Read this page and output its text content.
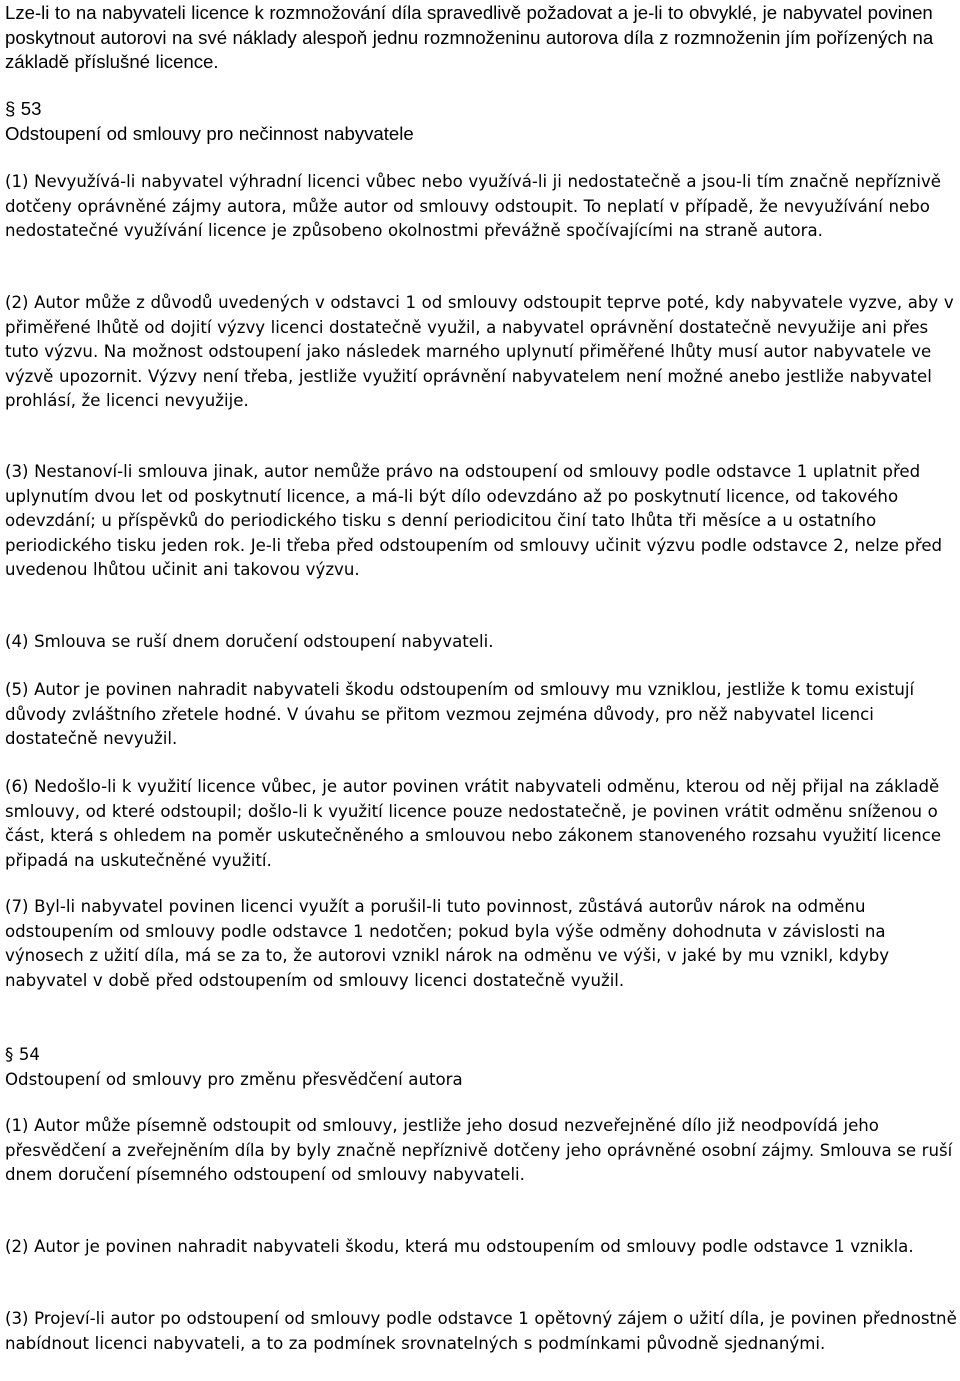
Lze-li to na nabyvateli licence k rozmnožování díla spravedlivě požadovat a je-li to obvyklé, je nabyvatel povinen poskytnout autorovi na své náklady alespoň jednu rozmnoženinu autorova díla z rozmnoženin jím pořízených na základě příslušné licence.

§ 53
Odstoupení od smlouvy pro nečinnost nabyvatele

(1) Nevyužívá-li nabyvatel výhradní licenci vůbec nebo využívá-li ji nedostatečně a jsou-li tím značně nepříznivě dotčeny oprávněné zájmy autora, může autor od smlouvy odstoupit. To neplatí v případě, že nevyužívání nebo nedostatečné využívání licence je způsobeno okolnostmi převážně spočívajícími na straně autora.

(2) Autor může z důvodů uvedených v odstavci 1 od smlouvy odstoupit teprve poté, kdy nabyvatele vyzve, aby v přiměřené lhůtě od dojití výzvy licenci dostatečně využil, a nabyvatel oprávnění dostatečně nevyužije ani přes tuto výzvu. Na možnost odstoupení jako následek marného uplynutí přiměřené lhůty musí autor nabyvatele ve výzvě upozornit. Výzvy není třeba, jestliže využití oprávnění nabyvatelem není možné anebo jestliže nabyvatel prohlásí, že licenci nevyužije.

(3) Nestanoví-li smlouva jinak, autor nemůže právo na odstoupení od smlouvy podle odstavce 1 uplatnit před uplynutím dvou let od poskytnutí licence, a má-li být dílo odevzdáno až po poskytnutí licence, od takového odevzdání; u příspěvků do periodického tisku s denní periodicitou činí tato lhůta tři měsíce a u ostatního periodického tisku jeden rok. Je-li třeba před odstoupením od smlouvy učinit výzvu podle odstavce 2, nelze před uvedenou lhůtou učinit ani takovou výzvu.

(4) Smlouva se ruší dnem doručení odstoupení nabyvateli.

(5) Autor je povinen nahradit nabyvateli škodu odstoupením od smlouvy mu vzniklou, jestliže k tomu existují důvody zvláštního zřetele hodné. V úvahu se přitom vezmou zejména důvody, pro něž nabyvatel licenci dostatečně nevyužil.

(6) Nedošlo-li k využití licence vůbec, je autor povinen vrátit nabyvateli odměnu, kterou od něj přijal na základě smlouvy, od které odstoupil; došlo-li k využití licence pouze nedostatečně, je povinen vrátit odměnu sníženou o část, která s ohledem na poměr uskutečněného a smlouvou nebo zákonem stanoveného rozsahu využití licence připadá na uskutečněné využití.

(7) Byl-li nabyvatel povinen licenci využít a porušil-li tuto povinnost, zůstává autorův nárok na odměnu odstoupením od smlouvy podle odstavce 1 nedotčen; pokud byla výše odměny dohodnuta v závislosti na výnosech z užití díla, má se za to, že autorovi vznikl nárok na odměnu ve výši, v jaké by mu vznikl, kdyby nabyvatel v době před odstoupením od smlouvy licenci dostatečně využil.

§ 54
Odstoupení od smlouvy pro změnu přesvědčení autora

(1) Autor může písemně odstoupit od smlouvy, jestliže jeho dosud nezveřejněné dílo již neodpovídá jeho přesvědčení a zveřejněním díla by byly značně nepříznivě dotčeny jeho oprávněné osobní zájmy. Smlouva se ruší dnem doručení písemného odstoupení od smlouvy nabyvateli.

(2) Autor je povinen nahradit nabyvateli škodu, která mu odstoupením od smlouvy podle odstavce 1 vznikla.

(3) Projeví-li autor po odstoupení od smlouvy podle odstavce 1 opětovný zájem o užití díla, je povinen přednostně nabídnout licenci nabyvateli, a to za podmínek srovnatelných s podmínkami původně sjednanými.
